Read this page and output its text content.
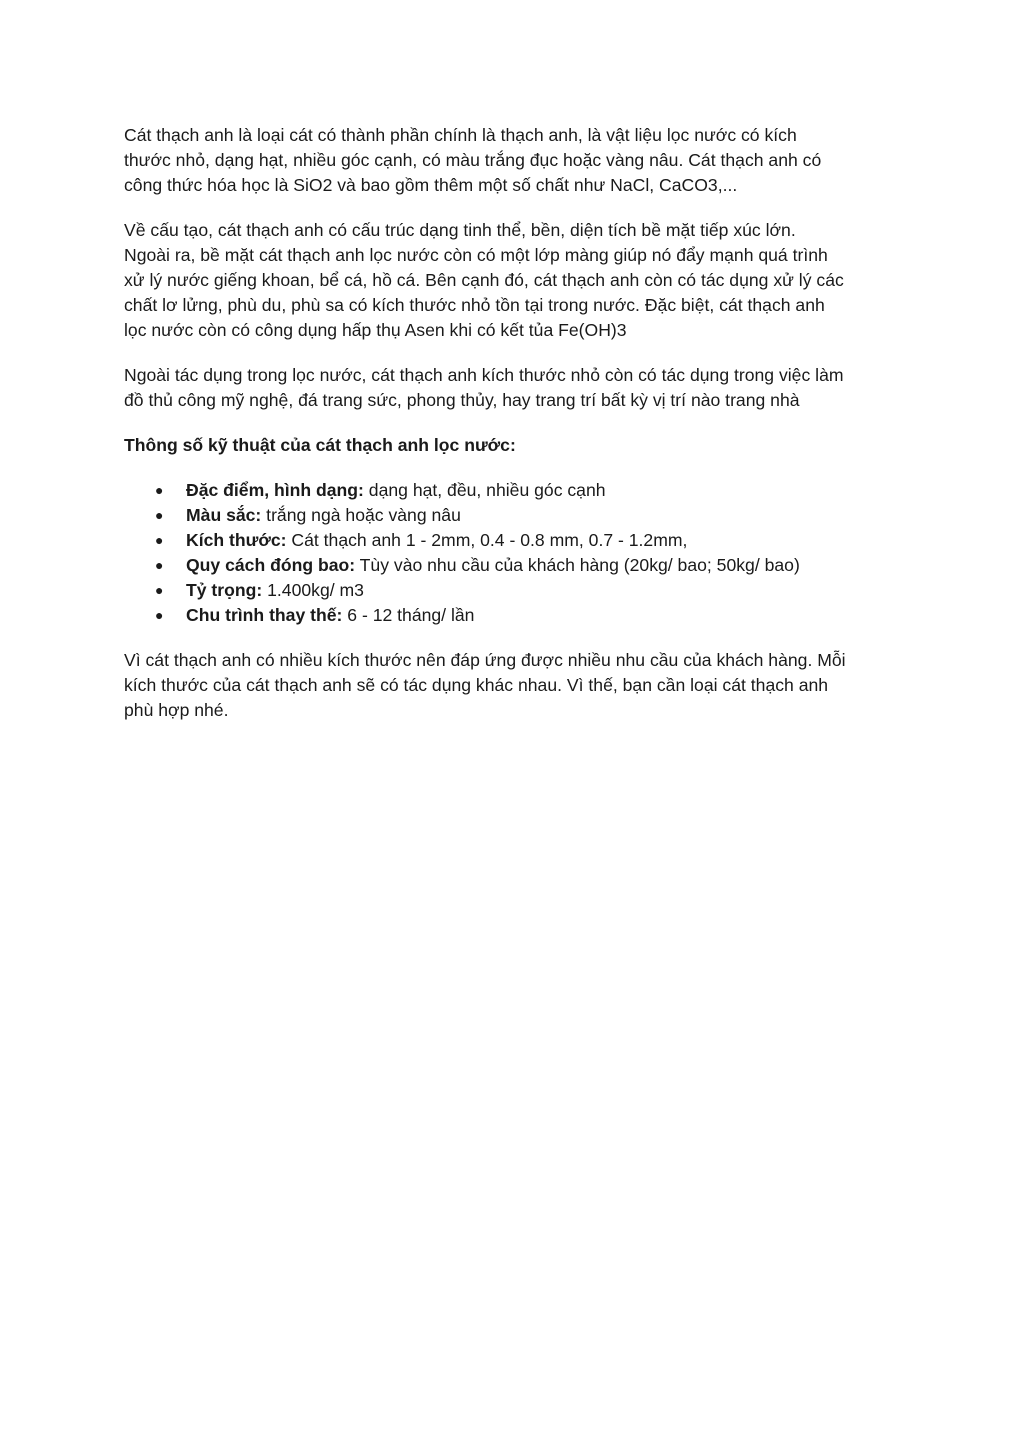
Cát thạch anh là loại cát có thành phần chính là thạch anh, là vật liệu lọc nước có kích
thước nhỏ, dạng hạt, nhiều góc cạnh, có màu trắng đục hoặc vàng nâu. Cát thạch anh có
công thức hóa học là SiO2 và bao gồm thêm một số chất như NaCl, CaCO3,...

Về cấu tạo, cát thạch anh có cấu trúc dạng tinh thể, bền, diện tích bề mặt tiếp xúc lớn.
Ngoài ra, bề mặt cát thạch anh lọc nước còn có một lớp màng giúp nó đẩy mạnh quá trình
xử lý nước giếng khoan, bể cá, hồ cá. Bên cạnh đó, cát thạch anh còn có tác dụng xử lý các
chất lơ lửng, phù du, phù sa có kích thước nhỏ tồn tại trong nước. Đặc biệt, cát thạch anh
lọc nước còn có công dụng hấp thụ Asen khi có kết tủa Fe(OH)3

Ngoài tác dụng trong lọc nước, cát thạch anh kích thước nhỏ còn có tác dụng trong việc làm
đồ thủ công mỹ nghệ, đá trang sức, phong thủy, hay trang trí bất kỳ vị trí nào trang nhà

Thông số kỹ thuật của cát thạch anh lọc nước:

● Đặc điểm, hình dạng: dạng hạt, đều, nhiều góc cạnh
● Màu sắc: trắng ngà hoặc vàng nâu
● Kích thước: Cát thạch anh 1 - 2mm, 0.4 - 0.8 mm, 0.7 - 1.2mm,
● Quy cách đóng bao: Tùy vào nhu cầu của khách hàng (20kg/ bao; 50kg/ bao)
● Tỷ trọng: 1.400kg/ m3
● Chu trình thay thế: 6 - 12 tháng/ lần

Vì cát thạch anh có nhiều kích thước nên đáp ứng được nhiều nhu cầu của khách hàng. Mỗi
kích thước của cát thạch anh sẽ có tác dụng khác nhau. Vì thế, bạn cần loại cát thạch anh
phù hợp nhé.
